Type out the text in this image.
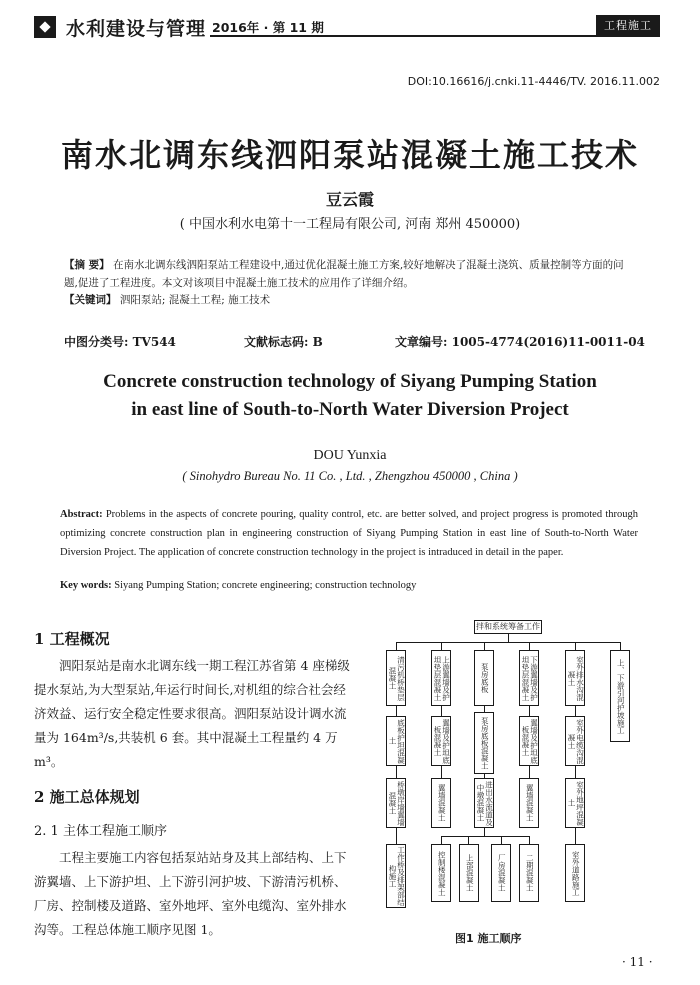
水利建设与管理 2016年 · 第 11 期	工程施工
DOI:10.16616/j.cnki.11-4446/TV. 2016.11.002
南水北调东线泗阳泵站混凝土施工技术
豆云霞
( 中国水利水电第十一工程局有限公司, 河南 郑州 450000)
【摘 要】 在南水北调东线泗阳泵站工程建设中,通过优化混凝土施工方案,较好地解决了混凝土浇筑、质量控制等方面的问题,促进了工程进度。本文对该项目中混凝土施工技术的应用作了详细介绍。
【关键词】 泗阳泵站; 混凝土工程; 施工技术
中图分类号: TV544	文献标志码: B	文章编号: 1005-4774(2016)11-0011-04
Concrete construction technology of Siyang Pumping Station
in east line of South-to-North Water Diversion Project
DOU Yunxia
( Sinohydro Bureau No. 11 Co. , Ltd. , Zhengzhou 450000 , China )
Abstract: Problems in the aspects of concrete pouring, quality control, etc. are better solved, and project progress is promoted through optimizing concrete construction plan in engineering construction of Siyang Pumping Station in east line of South-to-North Water Diversion Project. The application of concrete construction technology in the project is intraduced in detail in the paper.
Key words: Siyang Pumping Station; concrete engineering; construction technology
1 工程概况
泗阳泵站是南水北调东线一期工程江苏省第 4 座梯级提水泵站,为大型泵站,年运行时间长,对机组的综合社会经济效益、运行安全稳定性要求很高。泗阳泵站设计调水流量为 164m³/s,共装机 6 套。其中混凝土工程量约 4 万 m³。
2 施工总体规划
2. 1 主体工程施工顺序
工程主要施工内容包括泵站站身及其上部结构、上下游翼墙、上下游护坦、上下游引河护坡、下游清污机桥、厂房、控制楼及道路、室外地坪、室外电缆沟、室外排水沟等。工程总体施工顺序见图 1。
拌和系统筹备工作
清污机桥垫层混凝土	上游翼墙及护坦垫层混凝土	泵房底板	下游翼墙及护坦垫层混凝土	室外排水沟混凝土	上、下游引河护坡施工
底板护坦混凝土	翼墙及护坦底板混凝土	泵房底板混凝土	翼墙及护坦底板混凝土	室外电缆沟混凝土
桥墩岸墙翼墙混凝土	翼墙混凝土	进出水流道及中墩混凝土	翼墙混凝土	室外地坪混凝土
工作桥及排架部结构施工	控制楼混凝土	上部混凝土	厂房混凝土	二期混凝土	室外道路施工
图1 施工顺序
· 11 ·
